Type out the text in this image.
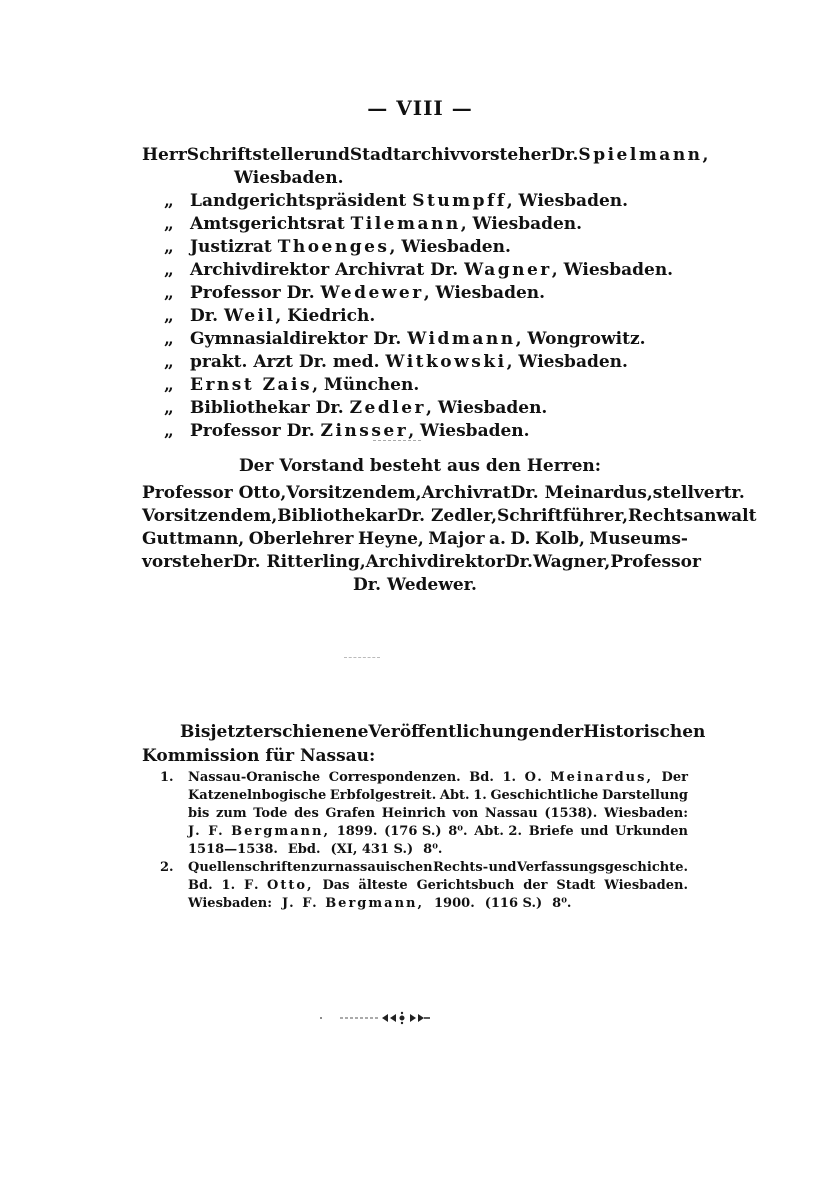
— VIII —
Herr Schriftsteller und Stadtarchivvorsteher Dr. Spielmann,
Wiesbaden.
„ Landgerichtspräsident Stumpff, Wiesbaden.
„ Amtsgerichtsrat Tilemann, Wiesbaden.
„ Justizrat Thoenges, Wiesbaden.
„ Archivdirektor Archivrat Dr. Wagner, Wiesbaden.
„ Professor Dr. Wedewer, Wiesbaden.
„ Dr. Weil, Kiedrich.
„ Gymnasialdirektor Dr. Widmann, Wongrowitz.
„ prakt. Arzt Dr. med. Witkowski, Wiesbaden.
„ Ernst Zais, München.
„ Bibliothekar Dr. Zedler, Wiesbaden.
„ Professor Dr. Zinsser, Wiesbaden.
Der Vorstand besteht aus den Herren:
Professor Otto, Vorsitzendem, Archivrat Dr. Meinardus, stellvertr.
Vorsitzendem, Bibliothekar Dr. Zedler, Schriftführer, Rechtsanwalt
Guttmann, Oberlehrer Heyne, Major a. D. Kolb, Museums-
vorsteher Dr. Ritterling, Archivdirektor Dr. Wagner, Professor
Dr. Wedewer.
Bis jetzt erschienene Veröffentlichungen der Historischen
Kommission für Nassau:
1.	Nassau-Oranische Correspondenzen. Bd. 1. O. Meinardus, Der
Katzenelnbogische Erbfolgestreit. Abt. 1. Geschichtliche Darstellung
bis zum Tode des Grafen Heinrich von Nassau (1538). Wiesbaden:
J. F. Bergmann, 1899. (176 S.) 8⁰. Abt. 2. Briefe und Urkunden
1518—1538. Ebd. (XI, 431 S.) 8⁰.
2.	Quellenschriften zur nassauischen Rechts- und Verfassungsgeschichte.
Bd. 1. F. Otto, Das älteste Gerichtsbuch der Stadt Wiesbaden.
Wiesbaden: J. F. Bergmann, 1900. (116 S.) 8⁰.
